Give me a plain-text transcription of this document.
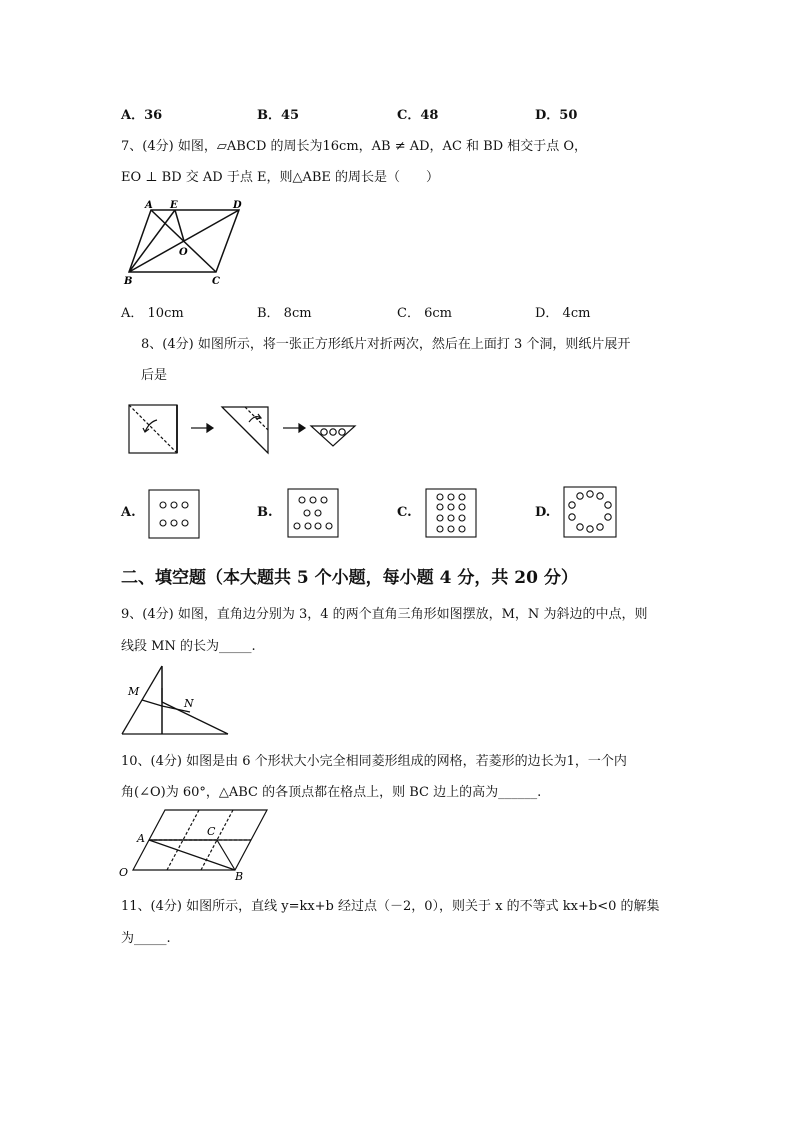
A．36	B．45	C．48	D．50
7、(4分) 如图，▱ABCD 的周长为16cm，AB ≠ AD，AC 和 BD 相交于点 O，
EO ⊥ BD 交 AD 于点 E，则△ABE 的周长是（　　）
A E	D
O
B	C
A． 10cm	B． 8cm	C． 6cm	D． 4cm
8、(4分) 如图所示，将一张正方形纸片对折两次，然后在上面打 3 个洞，则纸片展开
后是
A.	B.	C.	D.
二、填空题（本大题共 5 个小题，每小题 4 分，共 20 分）
9、(4分) 如图，直角边分别为 3，4 的两个直角三角形如图摆放，M，N 为斜边的中点，则
线段 MN 的长为_____.
M
N
10、(4分) 如图是由 6 个形状大小完全相同菱形组成的网格，若菱形的边长为1，一个内
角(∠O)为 60°，△ABC 的各顶点都在格点上，则 BC 边上的高为______.
A
C
O	B
11、(4分) 如图所示，直线 y=kx+b 经过点（－2，0），则关于 x 的不等式 kx+b<0 的解集
为_____.
